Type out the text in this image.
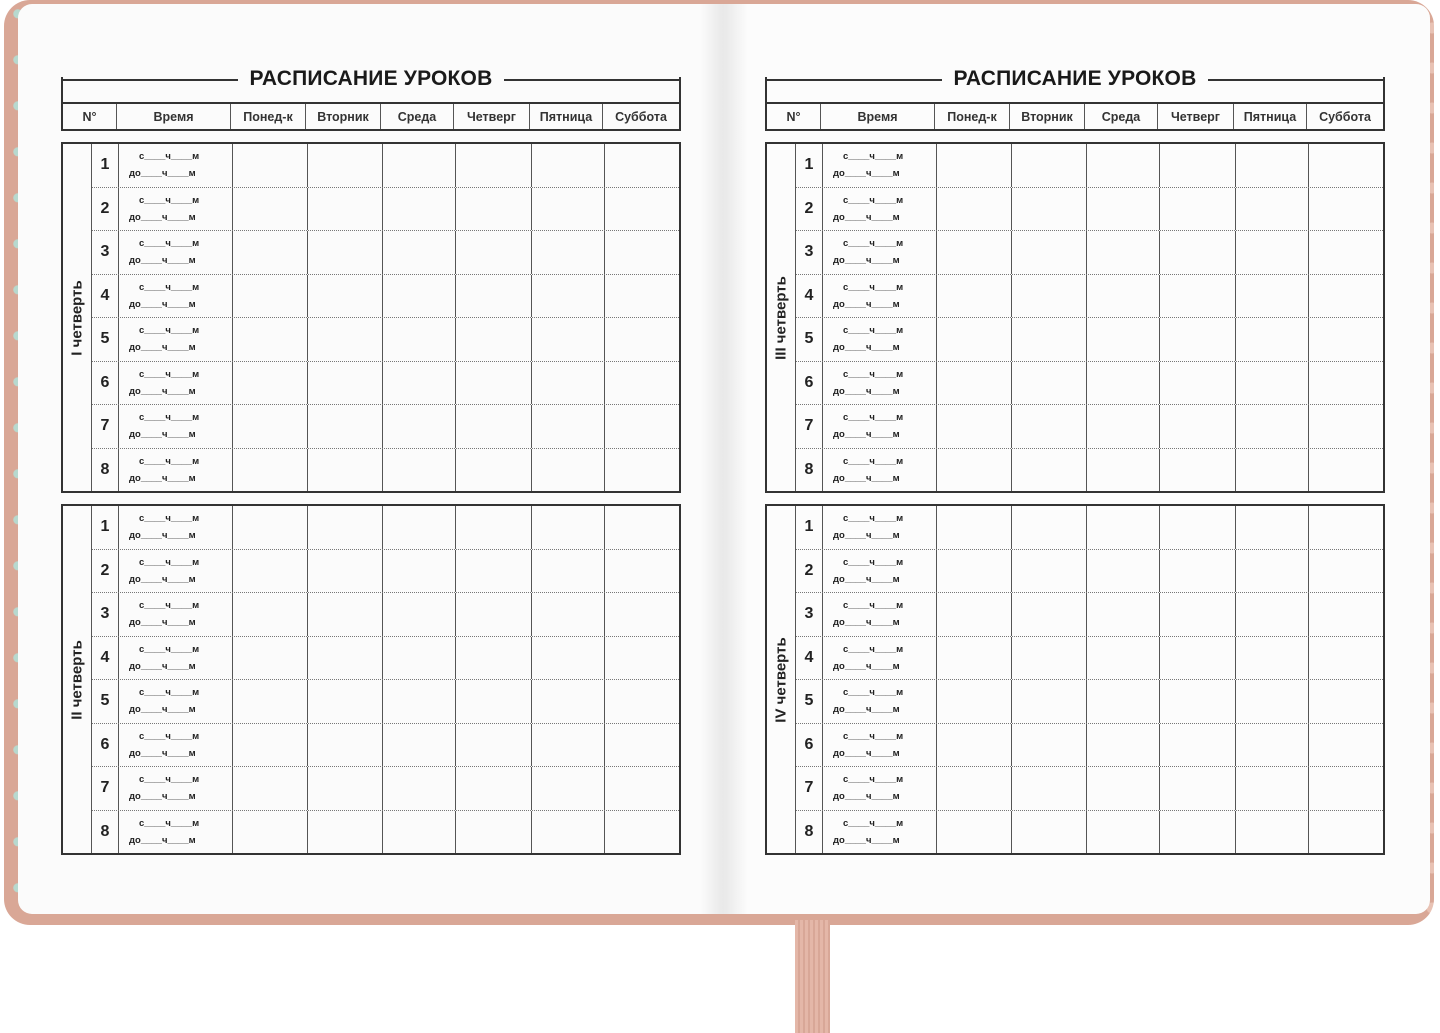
РАСПИСАНИЕ УРОКОВ
N°	Время	Понед-к	Вторник	Среда	Четверг	Пятница	Суббота
I четверть
1	с____ч____м
до____ч____м
2	с____ч____м
до____ч____м
3	с____ч____м
до____ч____м
4	с____ч____м
до____ч____м
5	с____ч____м
до____ч____м
6	с____ч____м
до____ч____м
7	с____ч____м
до____ч____м
8	с____ч____м
до____ч____м
II четверть
1	с____ч____м
до____ч____м
2	с____ч____м
до____ч____м
3	с____ч____м
до____ч____м
4	с____ч____м
до____ч____м
5	с____ч____м
до____ч____м
6	с____ч____м
до____ч____м
7	с____ч____м
до____ч____м
8	с____ч____м
до____ч____м
РАСПИСАНИЕ УРОКОВ
N°	Время	Понед-к	Вторник	Среда	Четверг	Пятница	Суббота
III четверть
1	с____ч____м
до____ч____м
2	с____ч____м
до____ч____м
3	с____ч____м
до____ч____м
4	с____ч____м
до____ч____м
5	с____ч____м
до____ч____м
6	с____ч____м
до____ч____м
7	с____ч____м
до____ч____м
8	с____ч____м
до____ч____м
IV четверть
1	с____ч____м
до____ч____м
2	с____ч____м
до____ч____м
3	с____ч____м
до____ч____м
4	с____ч____м
до____ч____м
5	с____ч____м
до____ч____м
6	с____ч____м
до____ч____м
7	с____ч____м
до____ч____м
8	с____ч____м
до____ч____м
